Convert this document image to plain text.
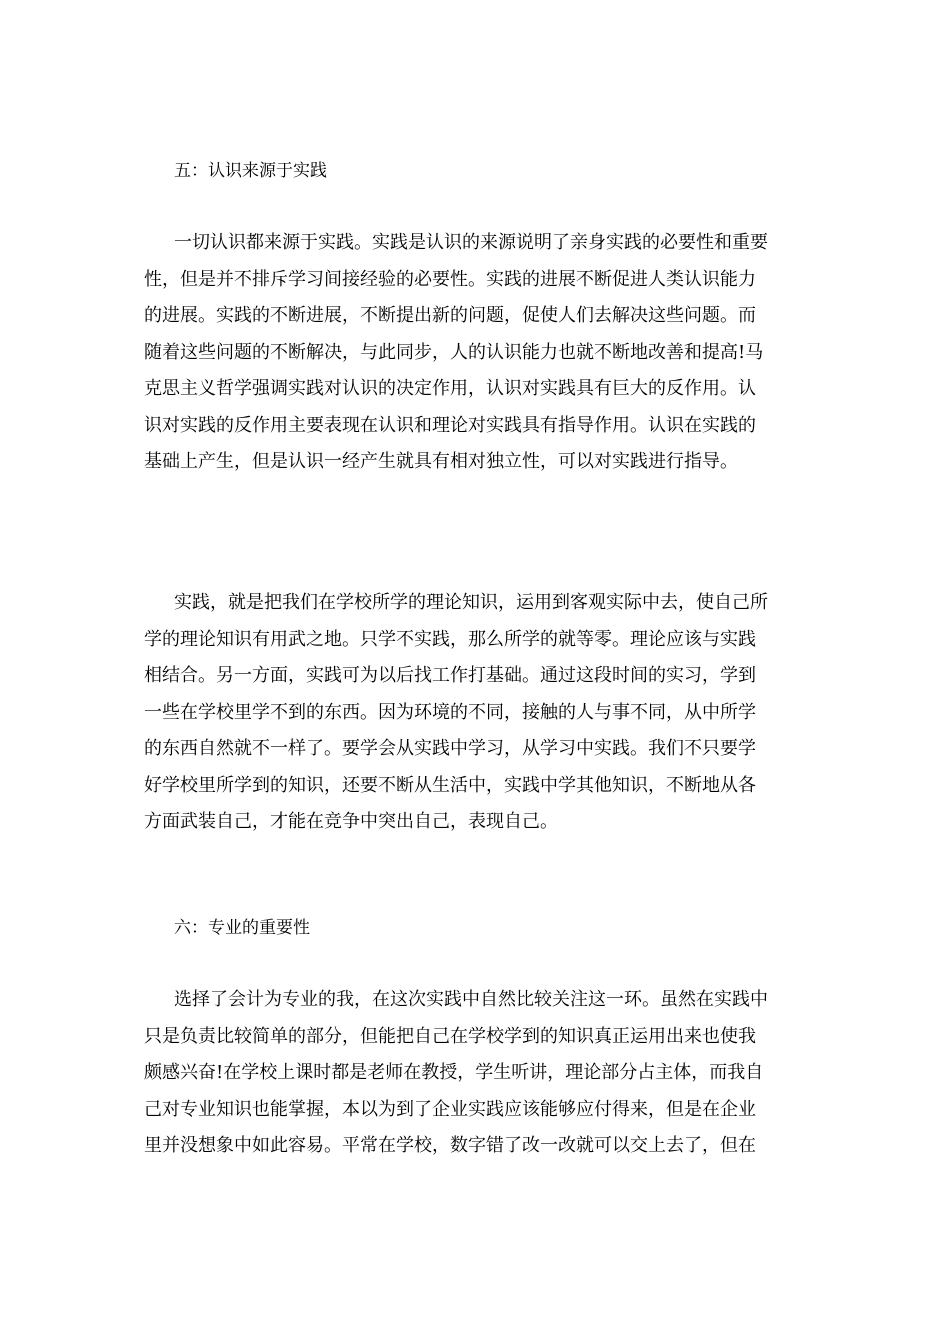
五：认识来源于实践
一切认识都来源于实践。实践是认识的来源说明了亲身实践的必要性和重要
性，但是并不排斥学习间接经验的必要性。实践的进展不断促进人类认识能力
的进展。实践的不断进展，不断提出新的问题，促使人们去解决这些问题。而
随着这些问题的不断解决，与此同步，人的认识能力也就不断地改善和提高!马
克思主义哲学强调实践对认识的决定作用，认识对实践具有巨大的反作用。认
识对实践的反作用主要表现在认识和理论对实践具有指导作用。认识在实践的
基础上产生，但是认识一经产生就具有相对独立性，可以对实践进行指导。
实践，就是把我们在学校所学的理论知识，运用到客观实际中去，使自己所
学的理论知识有用武之地。只学不实践，那么所学的就等零。理论应该与实践
相结合。另一方面，实践可为以后找工作打基础。通过这段时间的实习，学到
一些在学校里学不到的东西。因为环境的不同，接触的人与事不同，从中所学
的东西自然就不一样了。要学会从实践中学习，从学习中实践。我们不只要学
好学校里所学到的知识，还要不断从生活中，实践中学其他知识，不断地从各
方面武装自己，才能在竞争中突出自己，表现自己。
六：专业的重要性
选择了会计为专业的我，在这次实践中自然比较关注这一环。虽然在实践中
只是负责比较简单的部分，但能把自己在学校学到的知识真正运用出来也使我
颇感兴奋!在学校上课时都是老师在教授，学生听讲，理论部分占主体，而我自
己对专业知识也能掌握，本以为到了企业实践应该能够应付得来，但是在企业
里并没想象中如此容易。平常在学校，数字错了改一改就可以交上去了，但在
